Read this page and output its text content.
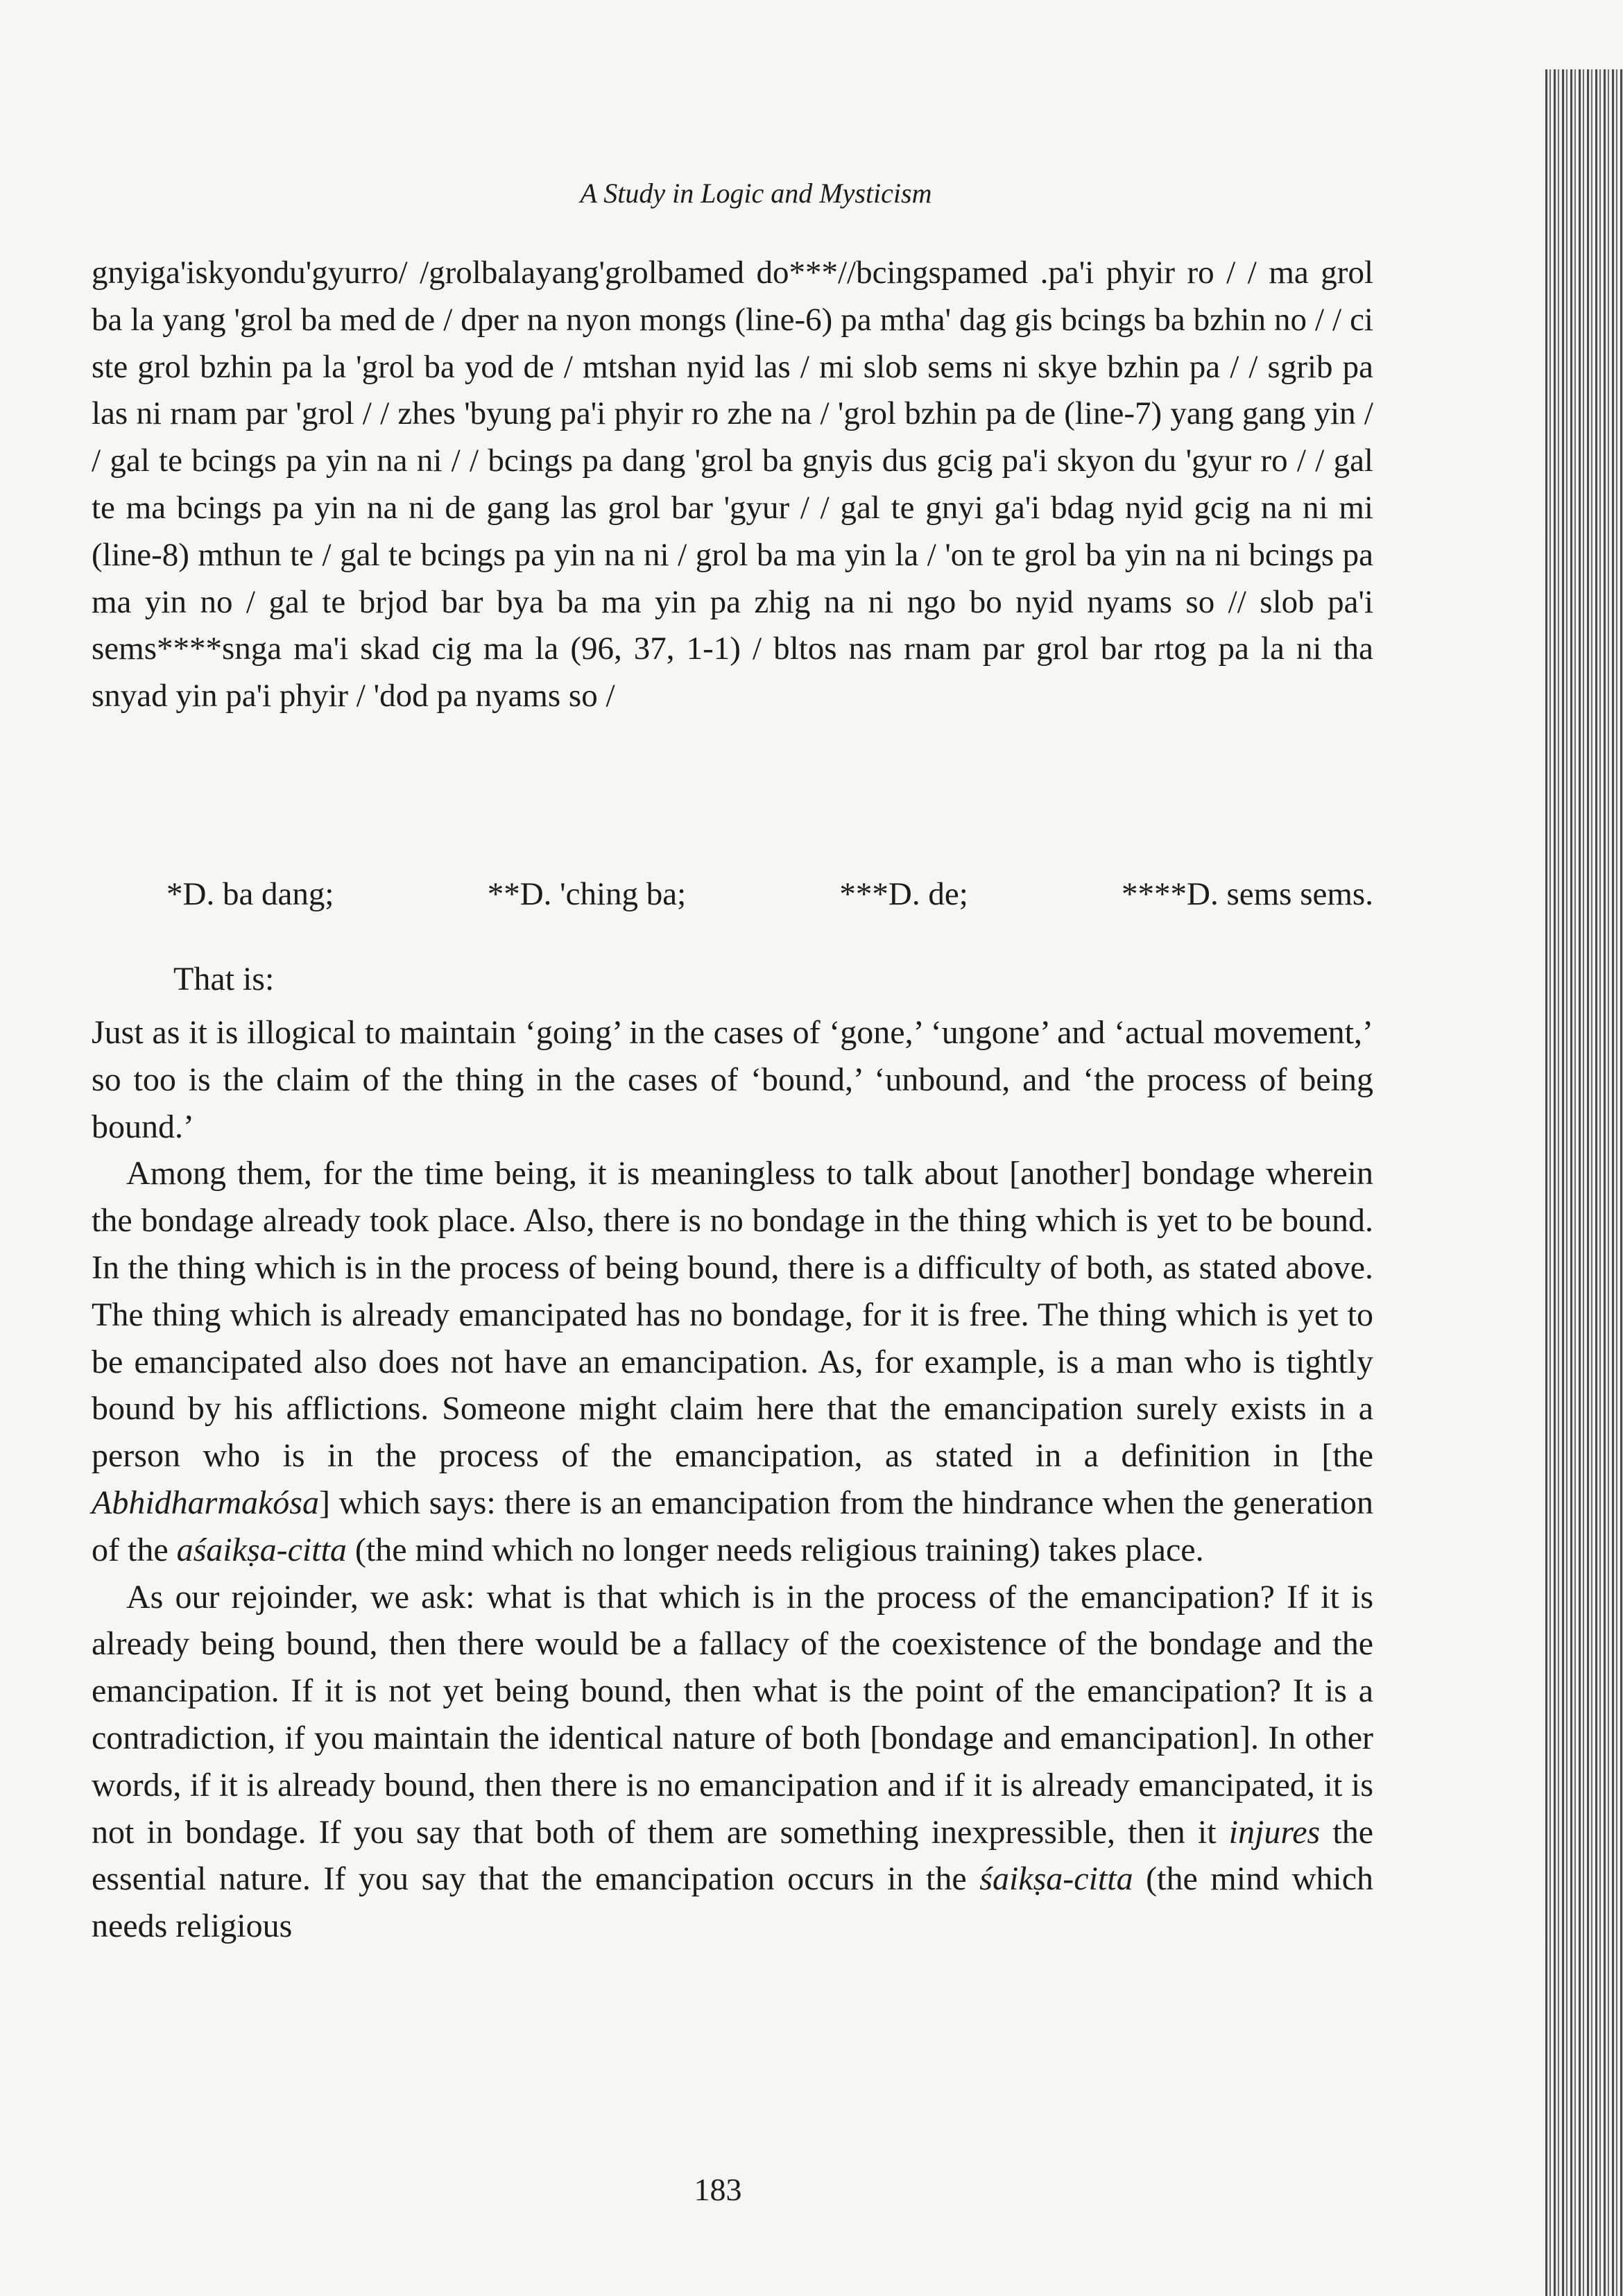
A Study in Logic and Mysticism
gnyiga'iskyondu'gyurro/ /grolbalayang'grolbamed do***//bcingspamed .pa'i phyir ro / / ma grol ba la yang 'grol ba med de / dper na nyon mongs (line-6) pa mtha' dag gis bcings ba bzhin no / / ci ste grol bzhin pa la 'grol ba yod de / mtshan nyid las / mi slob sems ni skye bzhin pa / / sgrib pa las ni rnam par 'grol / / zhes 'byung pa'i phyir ro zhe na / 'grol bzhin pa de (line-7) yang gang yin / / gal te bcings pa yin na ni / / bcings pa dang 'grol ba gnyis dus gcig pa'i skyon du 'gyur ro / / gal te ma bcings pa yin na ni de gang las grol bar 'gyur / / gal te gnyi ga'i bdag nyid gcig na ni mi (line-8) mthun te / gal te bcings pa yin na ni / grol ba ma yin la / 'on te grol ba yin na ni bcings pa ma yin no / gal te brjod bar bya ba ma yin pa zhig na ni ngo bo nyid nyams so // slob pa'i sems****snga ma'i skad cig ma la (96, 37, 1-1) / bltos nas rnam par grol bar rtog pa la ni tha snyad yin pa'i phyir / 'dod pa nyams so /
*D. ba dang;	**D. 'ching ba;	***D. de;	****D. sems sems.
That is:

Just as it is illogical to maintain ‘going’ in the cases of ‘gone,’ ‘ungone’ and ‘actual movement,’ so too is the claim of the thing in the cases of ‘bound,’ ‘unbound, and ‘the process of being bound.’

Among them, for the time being, it is meaningless to talk about [another] bondage wherein the bondage already took place. Also, there is no bondage in the thing which is yet to be bound. In the thing which is in the process of being bound, there is a difficulty of both, as stated above. The thing which is already emancipated has no bondage, for it is free. The thing which is yet to be emancipated also does not have an emancipation. As, for example, is a man who is tightly bound by his afflictions. Someone might claim here that the emancipation surely exists in a person who is in the process of the emancipation, as stated in a definition in [the Abhidharmakósa] which says: there is an emancipation from the hindrance when the generation of the aśaikṣa-citta (the mind which no longer needs religious training) takes place.

As our rejoinder, we ask: what is that which is in the process of the emancipation? If it is already being bound, then there would be a fallacy of the coexistence of the bondage and the emancipation. If it is not yet being bound, then what is the point of the emancipation? It is a contradiction, if you maintain the identical nature of both [bondage and emancipation]. In other words, if it is already bound, then there is no emancipation and if it is already emancipated, it is not in bondage. If you say that both of them are something inexpressible, then it injures the essential nature. If you say that the emancipation occurs in the śaikṣa-citta (the mind which needs religious

183
